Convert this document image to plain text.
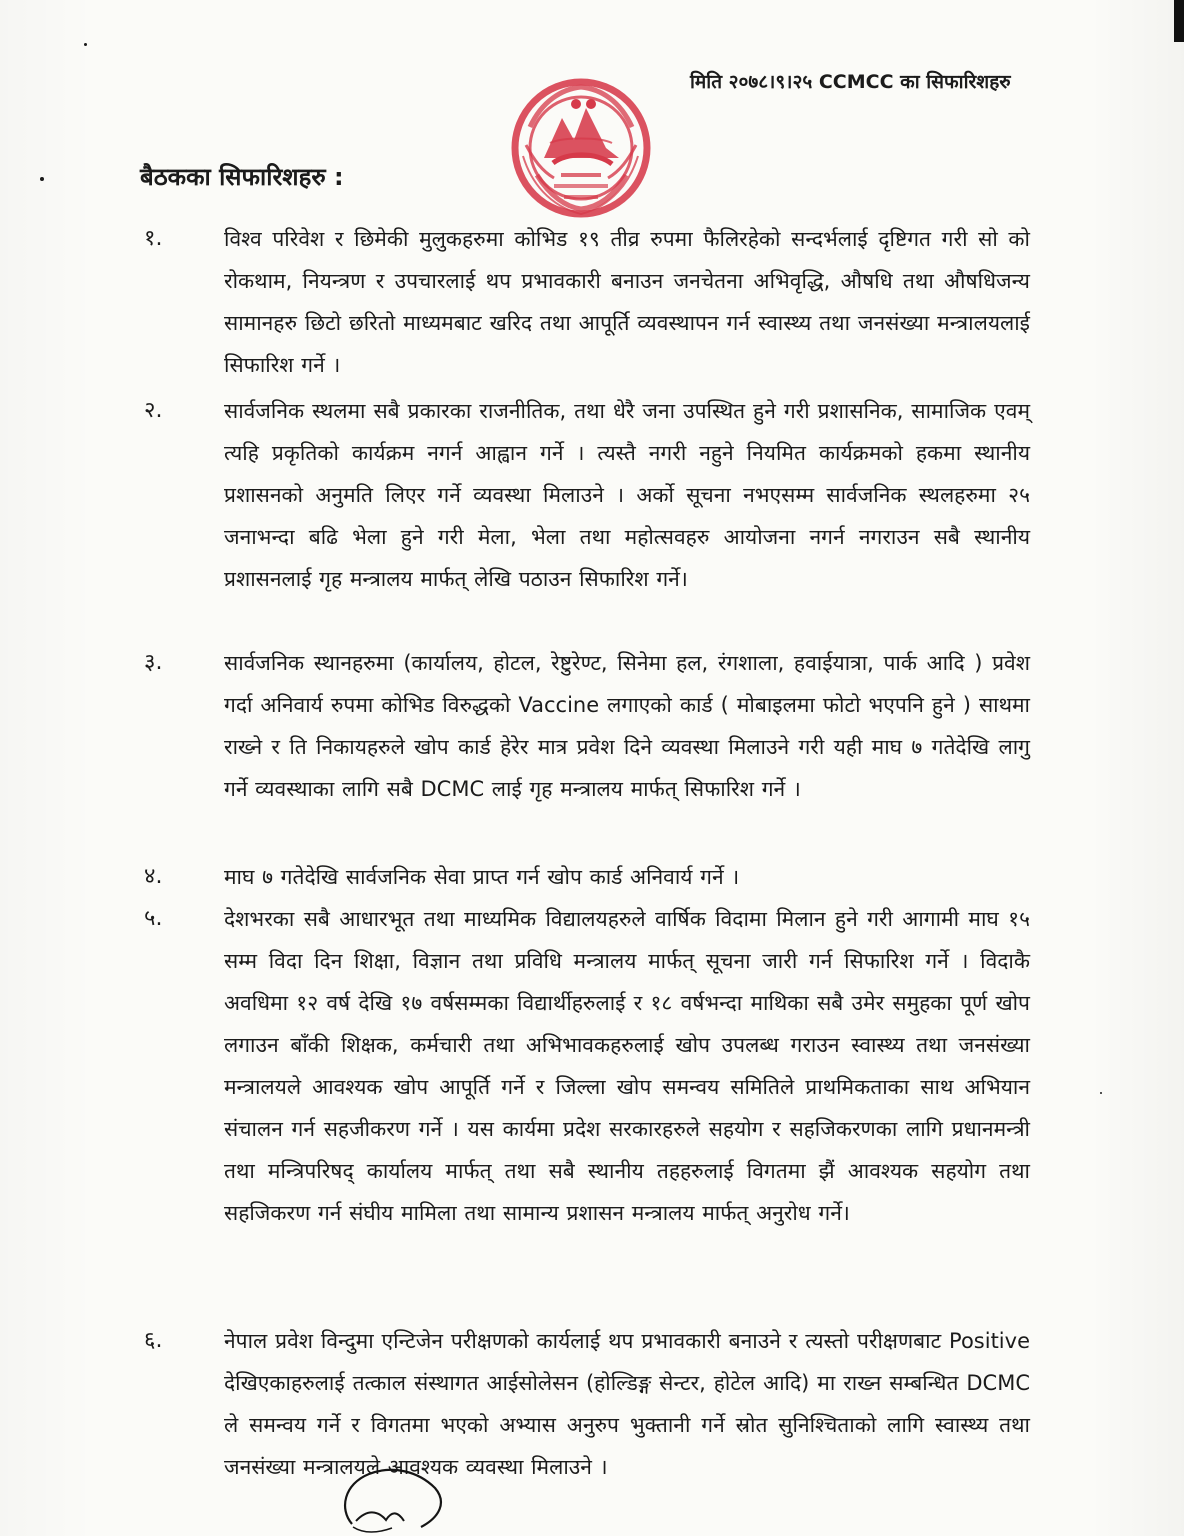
मिति २०७८।९।२५ CCMCC का सिफारिशहरु
बैठकका सिफारिशहरु :
१.	विश्व परिवेश र छिमेकी मुलुकहरुमा कोभिड १९ तीव्र रुपमा फैलिरहेको सन्दर्भलाई दृष्टिगत गरी सो को रोकथाम, नियन्त्रण र उपचारलाई थप प्रभावकारी बनाउन जनचेतना अभिवृद्धि, औषधि तथा औषधिजन्य सामानहरु छिटो छरितो माध्यमबाट खरिद तथा आपूर्ति व्यवस्थापन गर्न स्वास्थ्य तथा जनसंख्या मन्त्रालयलाई सिफारिश गर्ने ।
२.	सार्वजनिक स्थलमा सबै प्रकारका राजनीतिक, तथा धेरै जना उपस्थित हुने गरी प्रशासनिक, सामाजिक एवम् त्यहि प्रकृतिको कार्यक्रम नगर्न आह्वान गर्ने । त्यस्तै नगरी नहुने नियमित कार्यक्रमको हकमा स्थानीय प्रशासनको अनुमति लिएर गर्ने व्यवस्था मिलाउने । अर्को सूचना नभएसम्म सार्वजनिक स्थलहरुमा २५ जनाभन्दा बढि भेला हुने गरी मेला, भेला तथा महोत्सवहरु आयोजना नगर्न नगराउन सबै स्थानीय प्रशासनलाई गृह मन्त्रालय मार्फत् लेखि पठाउन सिफारिश गर्ने।
३.	सार्वजनिक स्थानहरुमा (कार्यालय, होटल, रेष्टुरेण्ट, सिनेमा हल, रंगशाला, हवाईयात्रा, पार्क आदि ) प्रवेश गर्दा अनिवार्य रुपमा कोभिड विरुद्धको Vaccine लगाएको कार्ड ( मोबाइलमा फोटो भएपनि हुने ) साथमा राख्ने र ति निकायहरुले खोप कार्ड हेरेर मात्र प्रवेश दिने व्यवस्था मिलाउने गरी यही माघ ७ गतेदेखि लागु गर्ने व्यवस्थाका लागि सबै DCMC लाई गृह मन्त्रालय मार्फत् सिफारिश गर्ने ।
४.	माघ ७ गतेदेखि सार्वजनिक सेवा प्राप्त गर्न खोप कार्ड अनिवार्य गर्ने ।
५.	देशभरका सबै आधारभूत तथा माध्यमिक विद्यालयहरुले वार्षिक विदामा मिलान हुने गरी आगामी माघ १५ सम्म विदा दिन शिक्षा, विज्ञान तथा प्रविधि मन्त्रालय मार्फत् सूचना जारी गर्न सिफारिश गर्ने । विदाकै अवधिमा १२ वर्ष देखि १७ वर्षसम्मका विद्यार्थीहरुलाई र १८ वर्षभन्दा माथिका सबै उमेर समुहका पूर्ण खोप लगाउन बाँकी शिक्षक, कर्मचारी तथा अभिभावकहरुलाई खोप उपलब्ध गराउन स्वास्थ्य तथा जनसंख्या मन्त्रालयले आवश्यक खोप आपूर्ति गर्ने र जिल्ला खोप समन्वय समितिले प्राथमिकताका साथ अभियान संचालन गर्न सहजीकरण गर्ने । यस कार्यमा प्रदेश सरकारहरुले सहयोग र सहजिकरणका लागि प्रधानमन्त्री तथा मन्त्रिपरिषद् कार्यालय मार्फत् तथा सबै स्थानीय तहहरुलाई विगतमा झैं आवश्यक सहयोग तथा सहजिकरण गर्न संघीय मामिला तथा सामान्य प्रशासन मन्त्रालय मार्फत् अनुरोध गर्ने।
६.	नेपाल प्रवेश विन्दुमा एन्टिजेन परीक्षणको कार्यलाई थप प्रभावकारी बनाउने र त्यस्तो परीक्षणबाट Positive देखिएकाहरुलाई तत्काल संस्थागत आईसोलेसन (होल्डिङ्ग सेन्टर, होटेल आदि) मा राख्न सम्बन्धित DCMC ले समन्वय गर्ने र विगतमा भएको अभ्यास अनुरुप भुक्तानी गर्ने स्रोत सुनिश्चिताको लागि स्वास्थ्य तथा जनसंख्या मन्त्रालयले आवश्यक व्यवस्था मिलाउने ।
